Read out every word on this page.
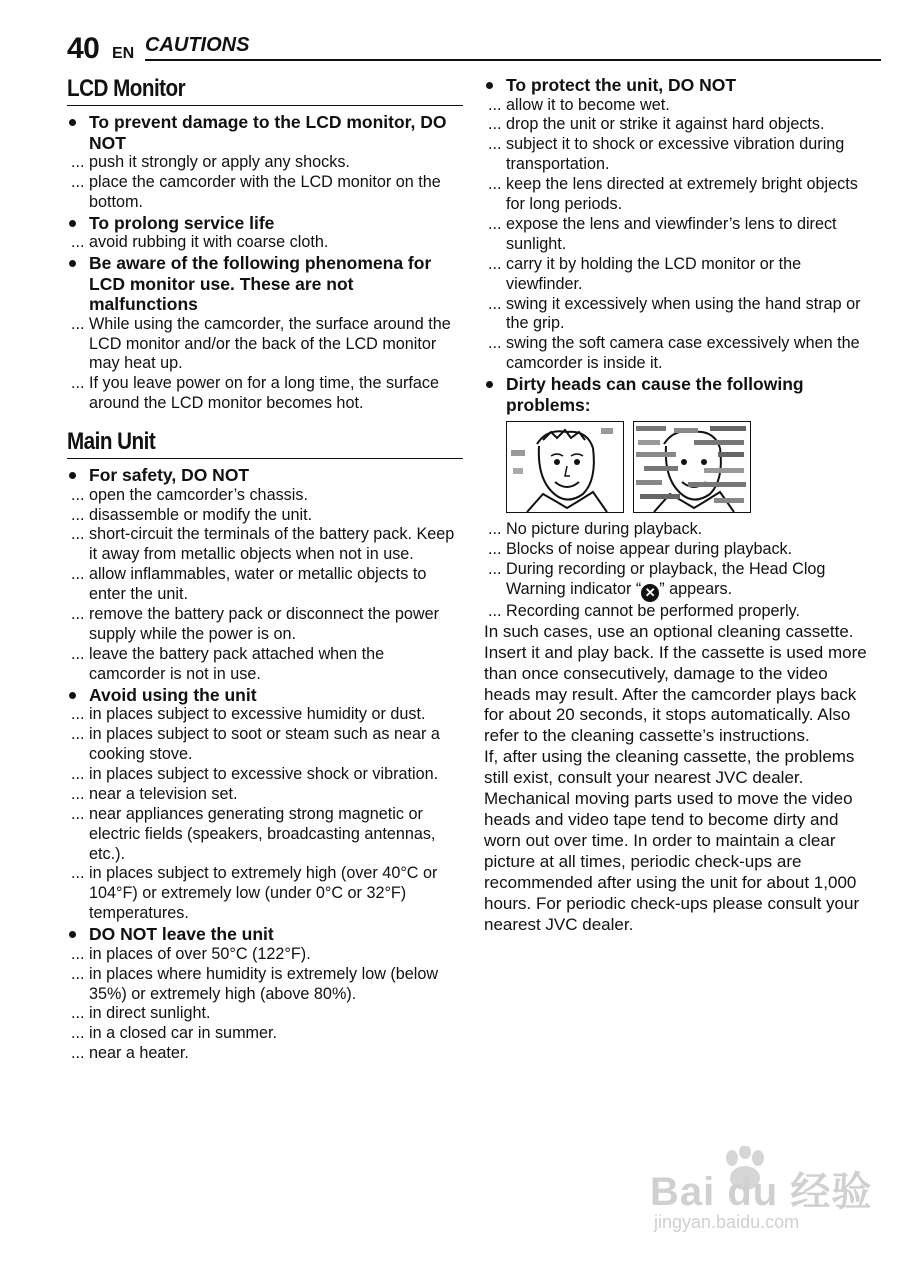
40 EN CAUTIONS
LCD Monitor
To prevent damage to the LCD monitor, DO NOT
... push it strongly or apply any shocks.
... place the camcorder with the LCD monitor on the bottom.
To prolong service life
... avoid rubbing it with coarse cloth.
Be aware of the following phenomena for LCD monitor use. These are not malfunctions
... While using the camcorder, the surface around the LCD monitor and/or the back of the LCD monitor may heat up.
... If you leave power on for a long time, the surface around the LCD monitor becomes hot.
Main Unit
For safety, DO NOT
... open the camcorder’s chassis.
... disassemble or modify the unit.
... short-circuit the terminals of the battery pack. Keep it away from metallic objects when not in use.
... allow inflammables, water or metallic objects to enter the unit.
... remove the battery pack or disconnect the power supply while the power is on.
... leave the battery pack attached when the camcorder is not in use.
Avoid using the unit
... in places subject to excessive humidity or dust.
... in places subject to soot or steam such as near a cooking stove.
... in places subject to excessive shock or vibration.
... near a television set.
... near appliances generating strong magnetic or electric fields (speakers, broadcasting antennas, etc.).
... in places subject to extremely high (over 40°C or 104°F) or extremely low (under 0°C or 32°F) temperatures.
DO NOT leave the unit
... in places of over 50°C (122°F).
... in places where humidity is extremely low (below 35%) or extremely high (above 80%).
... in direct sunlight.
... in a closed car in summer.
... near a heater.
To protect the unit, DO NOT
... allow it to become wet.
... drop the unit or strike it against hard objects.
... subject it to shock or excessive vibration during transportation.
... keep the lens directed at extremely bright objects for long periods.
... expose the lens and viewfinder’s lens to direct sunlight.
... carry it by holding the LCD monitor or the viewfinder.
... swing it excessively when using the hand strap or the grip.
... swing the soft camera case excessively when the camcorder is inside it.
Dirty heads can cause the following problems:
... No picture during playback.
... Blocks of noise appear during playback.
... During recording or playback, the Head Clog Warning indicator “ ✕ ” appears.
... Recording cannot be performed properly.

In such cases, use an optional cleaning cassette. Insert it and play back. If the cassette is used more than once consecutively, damage to the video heads may result. After the camcorder plays back for about 20 seconds, it stops automatically. Also refer to the cleaning cassette’s instructions.

If, after using the cleaning cassette, the problems still exist, consult your nearest JVC dealer.

Mechanical moving parts used to move the video heads and video tape tend to become dirty and worn out over time. In order to maintain a clear picture at all times, periodic check-ups are recommended after using the unit for about 1,000 hours. For periodic check-ups please consult your nearest JVC dealer.

Bai du 经验
jingyan.baidu.com
